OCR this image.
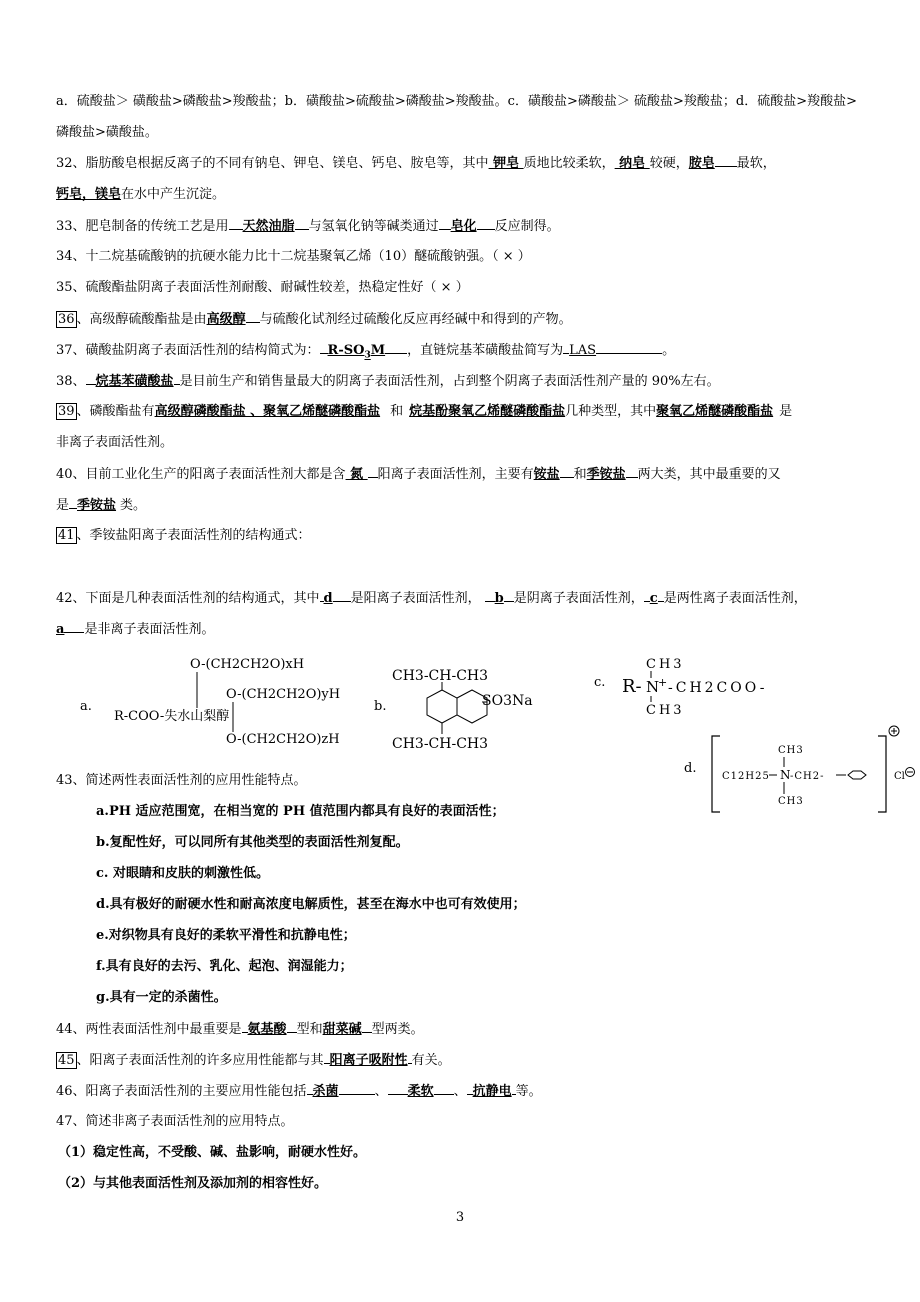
a．硫酸盐＞ 磺酸盐>磷酸盐>羧酸盐；b．磺酸盐>硫酸盐>磷酸盐>羧酸盐。c．磺酸盐>磷酸盐＞ 硫酸盐>羧酸盐；d．硫酸盐>羧酸盐>
磷酸盐>磺酸盐。
32、脂肪酸皂根据反离子的不同有钠皂、钾皂、镁皂、钙皂、胺皂等，其中 钾皂 质地比较柔软， 纳皂 较硬，胺皂 最软，
钙皂，镁皂在水中产生沉淀。
33、肥皂制备的传统工艺是用 天然油脂 与氢氧化钠等碱类通过 皂化 反应制得。
34、十二烷基硫酸钠的抗硬水能力比十二烷基聚氧乙烯（10）醚硫酸钠强。（ × ）
35、硫酸酯盐阴离子表面活性剂耐酸、耐碱性较差，热稳定性好（ × ）
36 、高级醇硫酸酯盐是由高级醇 与硫酸化试剂经过硫酸化反应再经碱中和得到的产物。
37、磺酸盐阴离子表面活性剂的结构简式为： $R-SO_3M$ ，直链烷基苯磺酸盐简写为 LAS	。
38、 烷基苯磺酸盐 是目前生产和销售量最大的阴离子表面活性剂，占到整个阴离子表面活性剂产量的 90%左右。
39 、磷酸酯盐有高级醇磷酸酯盐 、聚氧乙烯醚磷酸酯盐 和 烷基酚聚氧乙烯醚磷酸酯盐几种类型，其中聚氧乙烯醚磷酸酯盐 是
非离子表面活性剂。
40、目前工业化生产的阳离子表面活性剂大都是含 氮 阳离子表面活性剂，主要有铵盐 和季铵盐 两大类，其中最重要的又
是 季铵盐 类。
41 、季铵盐阳离子表面活性剂的结构通式：
42、下面是几种表面活性剂的结构通式，其中 d 是阳离子表面活性剂， b 是阴离子表面活性剂， c 是两性离子表面活性剂，
a 是非离子表面活性剂。
a.
O-(CH2CH2O)xH
O-(CH2CH2O)yH
R-COO-失水山梨醇
O-(CH2CH2O)zH
b.
CH3-CH-CH3
SO3Na
CH3-CH-CH3
c.
CH3
R- N
+ -CH2COO-
CH3
d.
CH3
C12H25 N -CH2-
CH3
Cl
43、简述两性表面活性剂的应用性能特点。
a.PH 适应范围宽，在相当宽的 PH 值范围内都具有良好的表面活性；
b.复配性好，可以同所有其他类型的表面活性剂复配。
c. 对眼睛和皮肤的刺激性低。
d.具有极好的耐硬水性和耐高浓度电解质性，甚至在海水中也可有效使用；
e.对织物具有良好的柔软平滑性和抗静电性；
f.具有良好的去污、乳化、起泡、润湿能力；
g.具有一定的杀菌性。
44、两性表面活性剂中最重要是 氨基酸 型和甜菜碱 型两类。
45 、阳离子表面活性剂的许多应用性能都与其 阳离子吸附性 有关。
46、阳离子表面活性剂的主要应用性能包括 杀菌	、 柔软 、 抗静电 等。
47、简述非离子表面活性剂的应用特点。
（1）稳定性高，不受酸、碱、盐影响，耐硬水性好。
（2）与其他表面活性剂及添加剂的相容性好。
3
